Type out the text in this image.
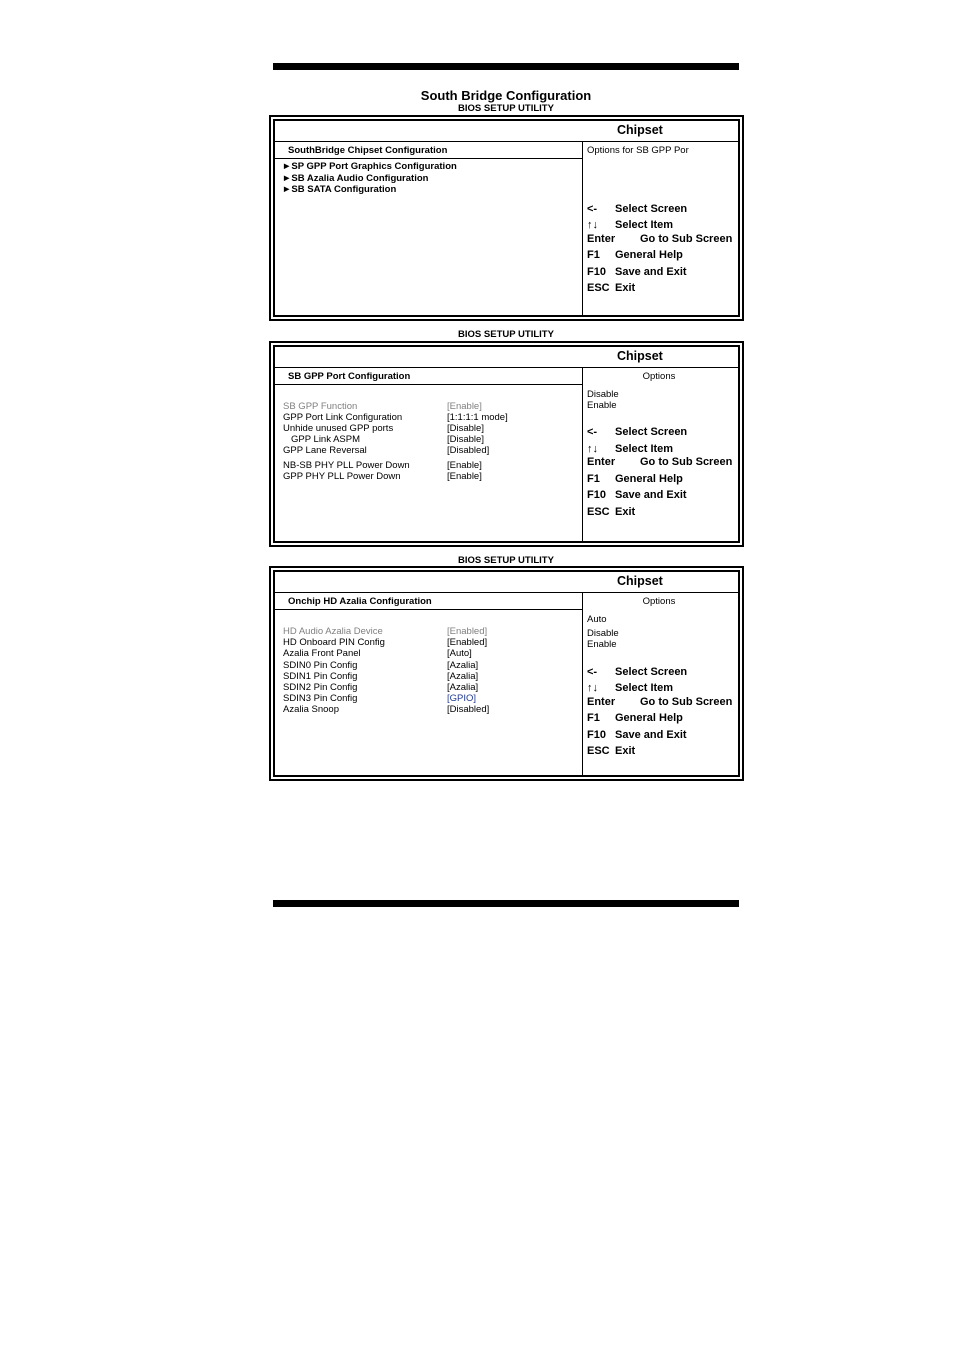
South Bridge Configuration
BIOS SETUP UTILITY
Chipset
SouthBridge Chipset Configuration
►SP GPP Port Graphics Configuration
►SB Azalia Audio Configuration
►SB SATA Configuration
Options for SB GPP Por
<- Select Screen
↑↓ Select Item
Enter Go to Sub Screen
F1 General Help
F10 Save and Exit
ESC Exit
BIOS SETUP UTILITY
Chipset
SB GPP Port Configuration
SB GPP Function	[Enable]
GPP Port Link Configuration	[1:1:1:1 mode]
Unhide unused GPP ports	[Disable]
GPP Link ASPM	[Disable]
GPP Lane Reversal	[Disabled]
NB-SB PHY PLL Power Down	[Enable]
GPP PHY PLL Power Down	[Enable]
Options
Disable
Enable
<- Select Screen
↑↓ Select Item
Enter Go to Sub Screen
F1 General Help
F10 Save and Exit
ESC Exit
BIOS SETUP UTILITY
Chipset
Onchip HD Azalia Configuration
HD Audio Azalia Device	[Enabled]
HD Onboard PIN Config	[Enabled]
Azalia Front Panel	[Auto]
SDIN0 Pin Config	[Azalia]
SDIN1 Pin Config	[Azalia]
SDIN2 Pin Config	[Azalia]
SDIN3 Pin Config	[GPIO]
Azalia Snoop	[Disabled]
Options
Auto
Disable
Enable
<- Select Screen
↑↓ Select Item
Enter Go to Sub Screen
F1 General Help
F10 Save and Exit
ESC Exit
